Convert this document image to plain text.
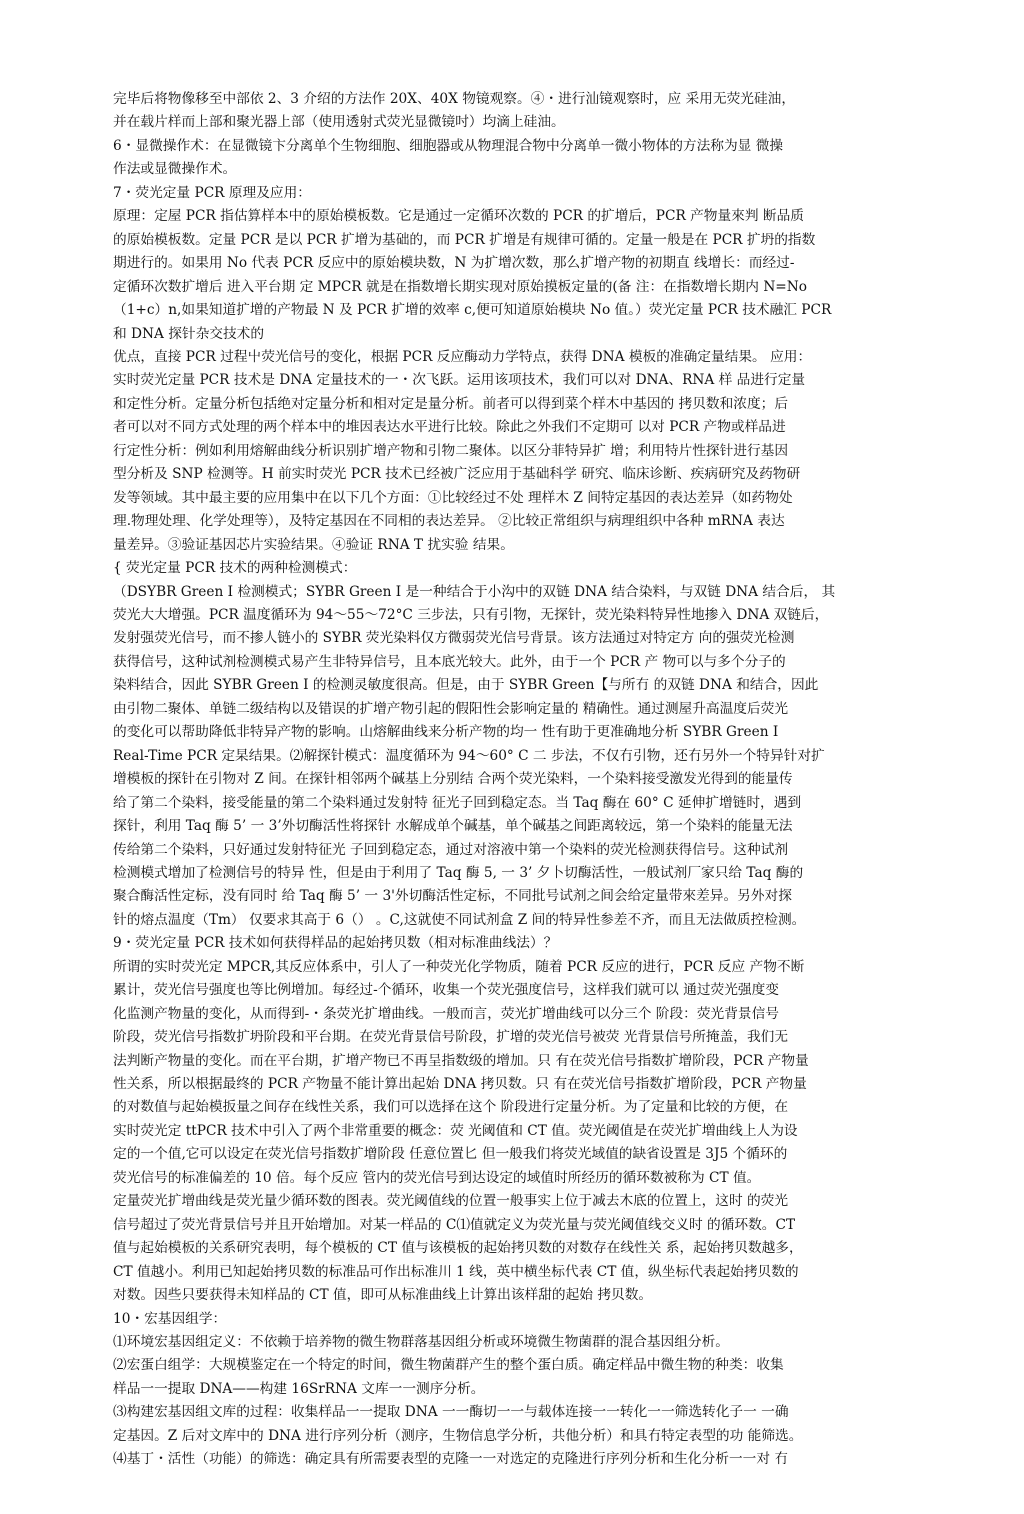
完毕后将物像移至中部依 2、3 介绍的方法作 20X、40X 物镜观察。④・进行汕镜观察时，应 采用无荧光硅油，
并在载片样而上部和聚光器上部（使用透射式荧光显微镜吋）均滴上硅油。
6・显微操作术：在显微镜卞分离单个生物细胞、细胞器或从物理混合物中分离单一微小物体的方法称为显 微操
作法或显微操作术。
7・荧光定量 PCR 原理及应用：
原理：定屋 PCR 指估算样本中的原始模板数。它是通过一定循环次数的 PCR 的扩增后，PCR 产物量來判 断品质
的原始模板数。定量 PCR 是以 PCR 扩增为基础的，而 PCR 扩增是有规律可循的。定量一般是在 PCR 扩坍的指数
期进行的。如果用 No 代表 PCR 反应中的原始模块数，N 为扩增次数，那么扩增产物的初期直 线增长：而经过-
定循环次数扩增后 进入平台期 定 MPCR 就是在指数增长期实现对原始摸板定量的(备 注：在指数增长期内 N=No
（1+c）n,如果知道扩增的产物最 N 及 PCR 扩增的效率 c,便可知道原始模块 No 值。）荧光定量 PCR 技术融汇 PCR
和 DNA 探针杂交技术的
优点，直接 PCR 过程屮荧光信号的变化，根据 PCR 反应酶动力学特点，获得 DNA 模板的准确定量结果。 应用：
实时荧光定量 PCR 技术是 DNA 定量技术的一・次飞跃。运用该项技术，我们可以对 DNA、RNA 样 品进行定量
和定性分析。定量分析包括绝对定量分析和相对定是量分析。前者可以得到菜个样木中基因的 拷贝数和浓度；后
者可以对不同方式处理的两个样本中的堆因表达水平进行比较。除此之外我们不定期可 以对 PCR 产物或样品进
行定性分析：例如利用熔解曲线分析识别扩增产物和引物二聚体。以区分菲特异扩 增；利用特片性探针进行基因
型分析及 SNP 检测等。H 前实时荧光 PCR 技术已经被广泛应用于基础科学 研究、临床诊断、疾病研究及药物研
发等领域。其中最主要的应用集中在以下几个方面：①比较经过不处 理样木 Z 间特定基因的表达差异（如药物处
理.物理处理、化学处理等），及特定基因在不同相的表达差异。 ②比较正常组织与病理组织中各种 mRNA 表达
量差异。③验证基因芯片实验结果。④验证 RNA T 扰实验 结果。
{ 荧光定量 PCR 技术的两种检测模式：
（DSYBR Green I 检测模式；SYBR Green I 是一种结合于小沟中的双链 DNA 结合染料，与双链 DNA 结合后， 其
荧光大大增强。PCR 温度循环为 94～55～72°C 三步法，只有引物，无探针，荧光染料特异性地掺入 DNA 双链后，
发射强荧光信号，而不掺人链小的 SYBR 荧光染料仅方微弱荧光信号背景。该方法通过对特定方 向的强荧光检测
获得信号，这种试剂检测模式易产生非特异信号，且本底光较大。此外，由于一个 PCR 产 物可以与多个分子的
染料结合，因此 SYBR Green I 的检测灵敏度很高。但是，由于 SYBR Green【与所冇 的双链 DNA 和结合，因此
由引物二聚体、单链二级结构以及错误的扩增产物引起的假阳性会影响定量的 精确性。通过测屋升高温度后荧光
的变化可以帮助降低非特异产物的影响。山熔解曲线来分析产物的均一 性有助于更准确地分析 SYBR Green I
Real-Time PCR 定杲结果。⑵解探针模式：温度循环为 94～60° C 二 步法，不仅冇引物，还冇另外一个特异针对扩
增模板的探针在引物对 Z 间。在探针相邻两个碱基上分别结 合两个荧光染料，一个染料接受激发光得到的能量传
给了第二个染料，接受能量的第二个染料通过发射特 征光子回到稳定态。当 Taq 酶在 60° C 延伸扩增链时，遇到
探针，利用 Taq 酶 5’ 一 3’外切酶活性将探针 水解成单个碱基，单个碱基之间距离较远，第一个染料的能量无法
传给第二个染料，只好通过发射特征光 子回到稳定态，通过对溶液中第一个染料的荧光检测获得信号。这种试剂
检测模式增加了检测信号的特异 性，但是由于利用了 Taq 酶 5, 一 3’ 夕卜切酶活性，一般试剂厂家只给 Taq 酶的
聚合酶活性定标，没有同时 给 Taq 酶 5’ 一 3'外切酶活性定标，不同批号试剂之间会给定量带來差异。另外对探
针的熔点温度（Tm） 仅要求其高于 6（） 。C,这就使不同试剂盒 Z 间的特异性参差不齐，而且无法做质控检测。
9・荧光定量 PCR 技术如何获得样品的起始拷贝数（相对标准曲线法）？
所谓的实时荧光定 MPCR,其反应体系中，引人了一种荧光化学物质，随着 PCR 反应的进行，PCR 反应 产物不断
累计，荧光信号强度也等比例增加。每经过-个循环，收集一个荧光强度信号，这样我们就可以 通过荧光强度变
化监测产物量的变化，从而得到-・条荧光扩增曲线。一般而言，荧光扩增曲线可以分三个 阶段：荧光背景信号
阶段，荧光信号指数扩坍阶段和平台期。在荧光背景信号阶段，扩增的荧光信号被荧 光背景信号所掩盖，我们无
法判断产物量的变化。而在平台期，扩增产物已不再呈指数级的增加。只 有在荧光信号指数扩增阶段，PCR 产物量
性关系，所以根据最终的 PCR 产物量不能计算出起始 DNA 拷贝数。只 有在荧光信号指数扩增阶段，PCR 产物量
的对数值与起始模扳量之间存在线性关系，我们可以选择在这个 阶段进行定量分析。为了定量和比较的方便，在
实时荧光定 ttPCR 技术中引入了两个非常重要的概念：荧 光阈值和 CT 值。荧光阈值是在荧光扩増曲线上人为设
定的一个值,它可以设定在荧光信号指数扩增阶段 任意位置匕 但一般我们将荧光域值的缺省设置是 3J5 个循环的
荧光信号的标准偏差的 10 倍。每个反应 管内的荧光信号到达设定的域值时所经历的循环数被称为 CT 值。
定量荧光扩增曲线是荧光量少循环数的图表。荧光阈值线的位置一般事实上位于减去木底的位置上，这时 的荧光
信号超过了荧光背景信号并且开始增加。对某一样品的 C⑴值就定义为荧光量与荧光阈值线交义时 的循环数。CT
值与起始模板的关系研究表明，每个模板的 CT 值与该模板的起始拷贝数的对数存在线性关 系，起始拷贝数越多，
CT 值越小。利用已知起始拷贝数的标准品可作出标准川 1 线，英中横坐标代表 CT 值，纵坐标代表起始拷贝数的
对数。因些只要获得未知样品的 CT 值，即可从标准曲线上计算出该样甜的起始 拷贝数。
10・宏基因组学：
⑴环境宏基因组定义：不依赖于培养物的微生物群落基因组分析或环境微生物菌群的混合基因组分析。
⑵宏蛋白组学：大规模鉴定在一个特定的时间，微生物菌群产生的整个蛋白质。确定样品中微生物的种类：收集
样品一一提取 DNA——构建 16SrRNA 文库一一测序分析。
⑶构建宏基因组文库的过程：收集样品一一提取 DNA 一一酶切一一与载体连接一一转化一一筛选转化子一 一确
定基因。Z 后对文库中的 DNA 进行序列分析（测序，生物信息学分析，共他分析）和具冇特定表型的功 能筛选。
⑷基丁・活性（功能）的筛选：确定具有所需要表型的克隆一一对选定的克隆进行序列分析和生化分析一一对 冇
